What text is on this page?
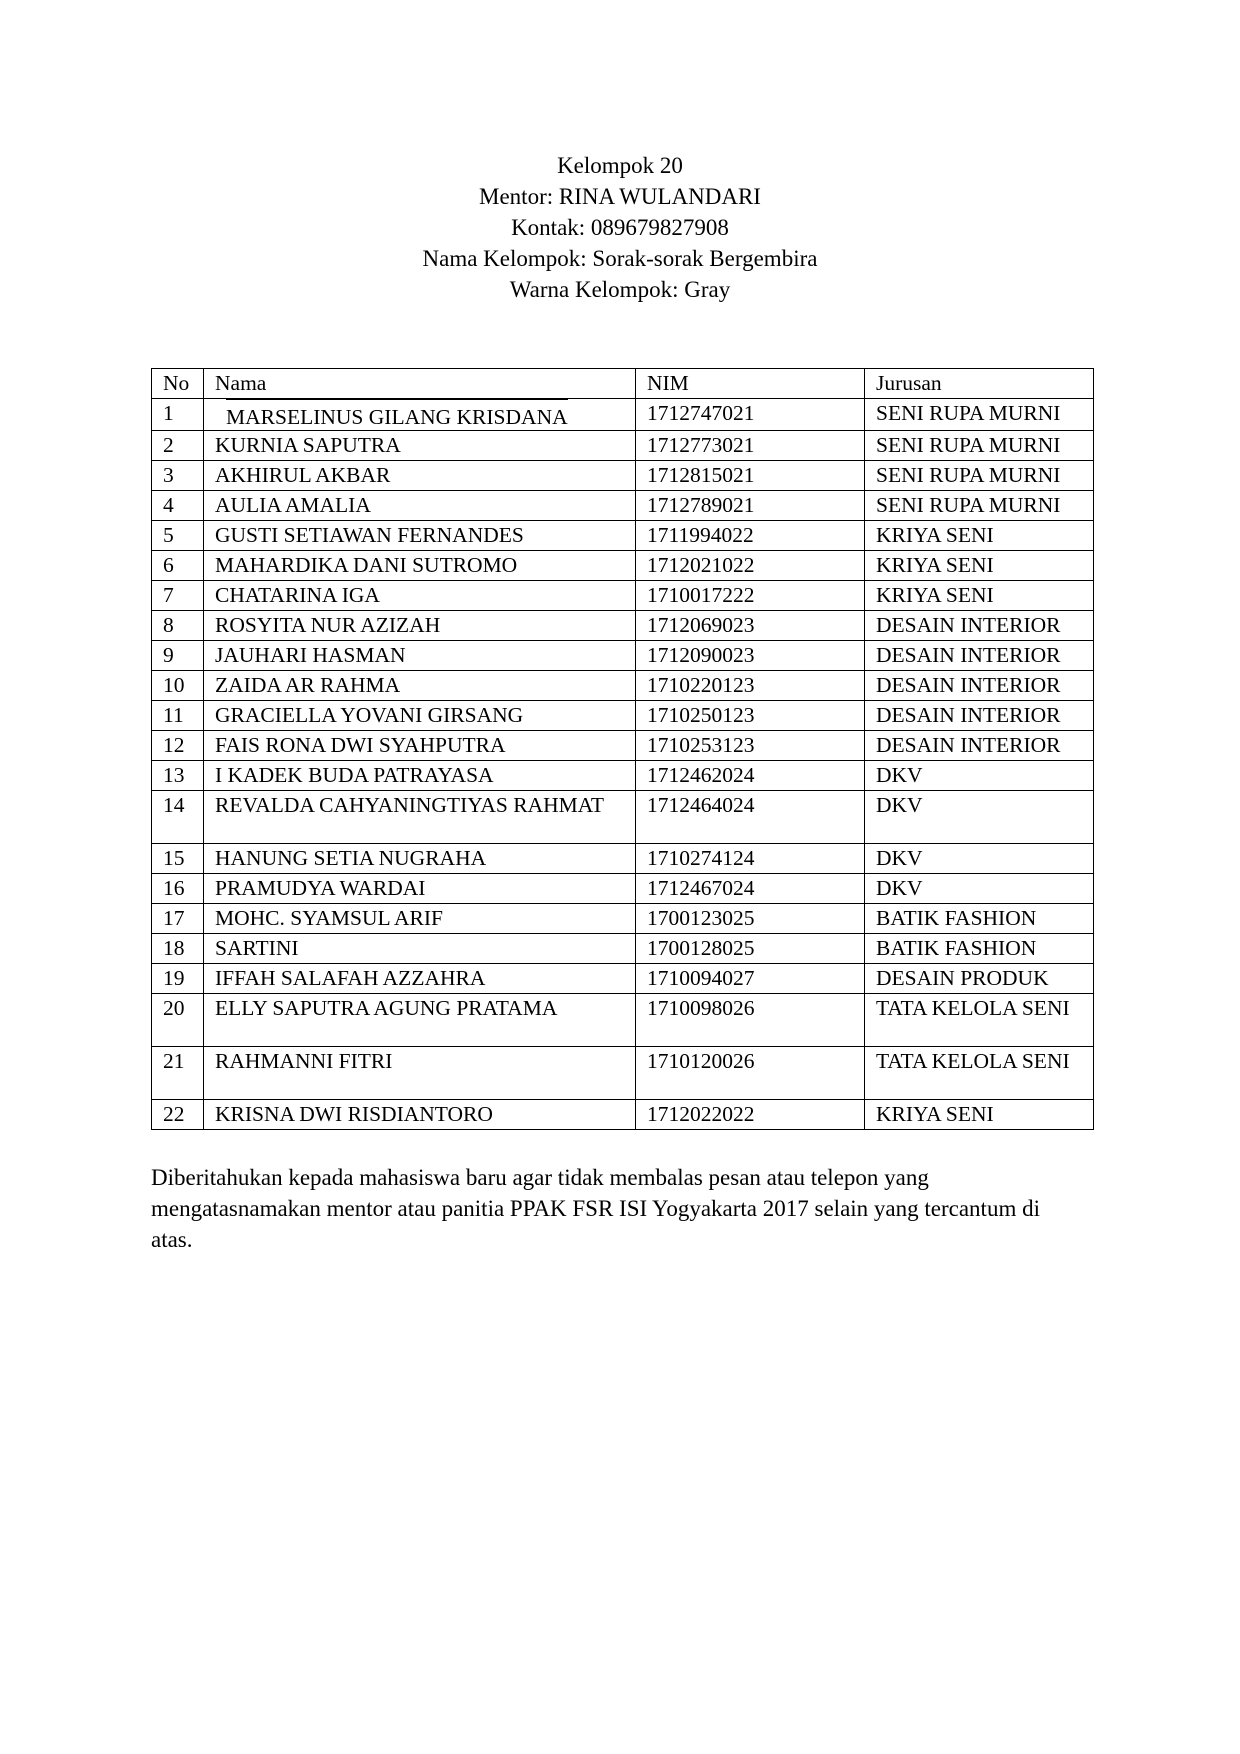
Kelompok 20
Mentor: RINA WULANDARI
Kontak: 089679827908
Nama Kelompok: Sorak-sorak Bergembira
Warna Kelompok: Gray
No	Nama	NIM	Jurusan
1	MARSELINUS GILANG KRISDANA	1712747021	SENI RUPA MURNI
2	KURNIA SAPUTRA	1712773021	SENI RUPA MURNI
3	AKHIRUL AKBAR	1712815021	SENI RUPA MURNI
4	AULIA AMALIA	1712789021	SENI RUPA MURNI
5	GUSTI SETIAWAN FERNANDES	1711994022	KRIYA SENI
6	MAHARDIKA DANI SUTROMO	1712021022	KRIYA SENI
7	CHATARINA IGA	1710017222	KRIYA SENI
8	ROSYITA NUR AZIZAH	1712069023	DESAIN INTERIOR
9	JAUHARI HASMAN	1712090023	DESAIN INTERIOR
10	ZAIDA AR RAHMA	1710220123	DESAIN INTERIOR
11	GRACIELLA YOVANI GIRSANG	1710250123	DESAIN INTERIOR
12	FAIS RONA DWI SYAHPUTRA	1710253123	DESAIN INTERIOR
13	I KADEK BUDA PATRAYASA	1712462024	DKV
14	REVALDA CAHYANINGTIYAS RAHMAT	1712464024	DKV
15	HANUNG SETIA NUGRAHA	1710274124	DKV
16	PRAMUDYA WARDAI	1712467024	DKV
17	MOHC. SYAMSUL ARIF	1700123025	BATIK FASHION
18	SARTINI	1700128025	BATIK FASHION
19	IFFAH SALAFAH AZZAHRA	1710094027	DESAIN PRODUK
20	ELLY SAPUTRA AGUNG PRATAMA	1710098026	TATA KELOLA SENI
21	RAHMANNI FITRI	1710120026	TATA KELOLA SENI
22	KRISNA DWI RISDIANTORO	1712022022	KRIYA SENI
Diberitahukan kepada mahasiswa baru agar tidak membalas pesan atau telepon yang mengatasnamakan mentor atau panitia PPAK FSR ISI Yogyakarta 2017 selain yang tercantum di atas.
